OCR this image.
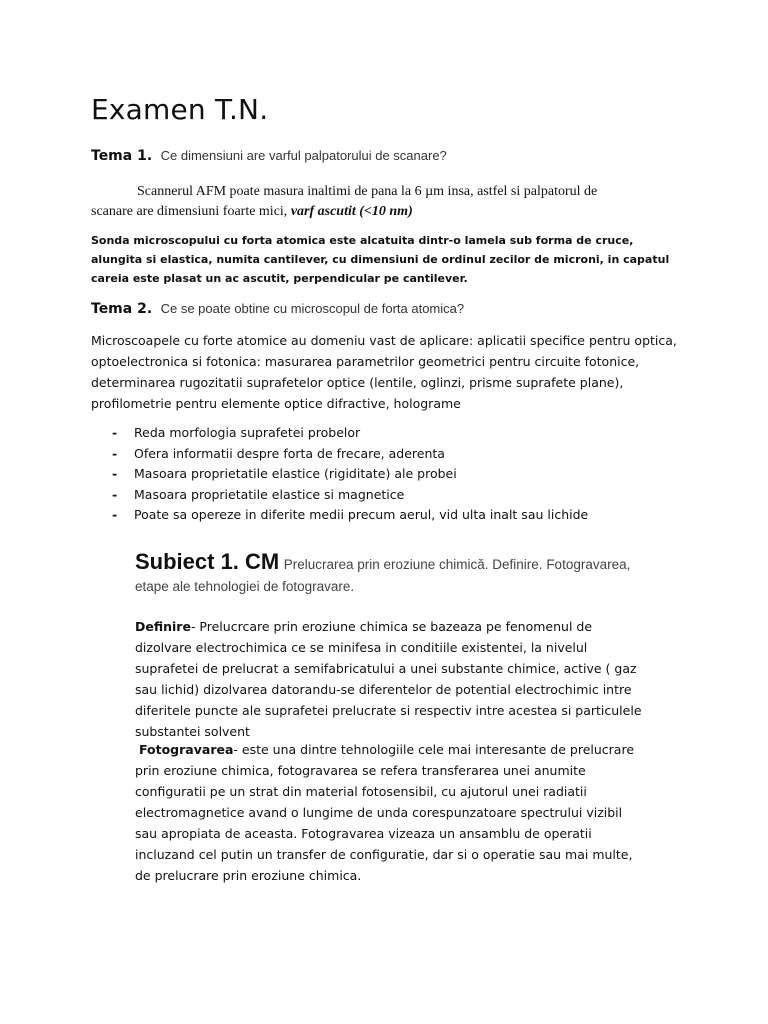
Examen T.N.
Tema 1. Ce dimensiuni are varful palpatorului de scanare?
Scannerul AFM poate masura inaltimi de pana la 6 µm insa, astfel si palpatorul de scanare are dimensiuni foarte mici, varf ascutit (<10 nm)
Sonda microscopului cu forta atomica este alcatuita dintr-o lamela sub forma de cruce, alungita si elastica, numita cantilever, cu dimensiuni de ordinul zecilor de microni, in capatul careia este plasat un ac ascutit, perpendicular pe cantilever.
Tema 2. Ce se poate obtine cu microscopul de forta atomica?
Microscoapele cu forte atomice au domeniu vast de aplicare: aplicatii specifice pentru optica, optoelectronica si fotonica: masurarea parametrilor geometrici pentru circuite fotonice, determinarea rugozitatii suprafetelor optice (lentile, oglinzi, prisme suprafete plane), profilometrie pentru elemente optice difractive, holograme
- Reda morfologia suprafetei probelor
- Ofera informatii despre forta de frecare, aderenta
- Masoara proprietatile elastice (rigiditate) ale probei
- Masoara proprietatile elastice si magnetice
- Poate sa opereze in diferite medii precum aerul, vid ulta inalt sau lichide
Subiect 1. CM Prelucrarea prin eroziune chimică. Definire. Fotogravarea, etape ale tehnologiei de fotogravare.
Definire- Prelucrcare prin eroziune chimica se bazeaza pe fenomenul de dizolvare electrochimica ce se minifesa in conditiile existentei, la nivelul suprafetei de prelucrat a semifabricatului a unei substante chimice, active ( gaz sau lichid) dizolvarea datorandu-se diferentelor de potential electrochimic intre diferitele puncte ale suprafetei prelucrate si respectiv intre acestea si particulele substantei solvent
Fotogravarea- este una dintre tehnologiile cele mai interesante de prelucrare prin eroziune chimica, fotogravarea se refera transferarea unei anumite configuratii pe un strat din material fotosensibil, cu ajutorul unei radiatii electromagnetice avand o lungime de unda corespunzatoare spectrului vizibil sau apropiata de aceasta. Fotogravarea vizeaza un ansamblu de operatii incluzand cel putin un transfer de configuratie, dar si o operatie sau mai multe, de prelucrare prin eroziune chimica.
